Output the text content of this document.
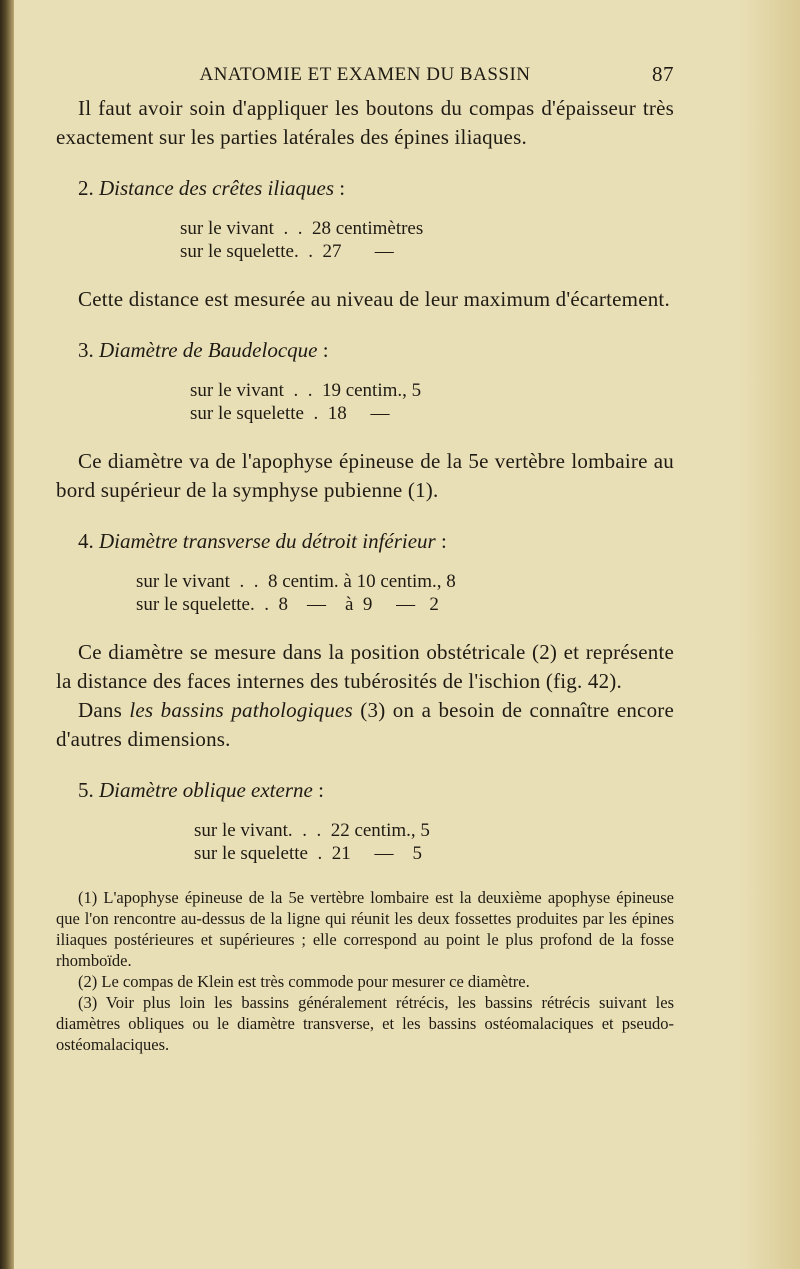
ANATOMIE ET EXAMEN DU BASSIN	87

Il faut avoir soin d'appliquer les boutons du compas d'épaisseur très exactement sur les parties latérales des épines iliaques.

2. Distance des crêtes iliaques :
sur le vivant  .  .  28 centimètres
sur le squelette.  .  27       —

Cette distance est mesurée au niveau de leur maximum d'écartement.

3. Diamètre de Baudelocque :
sur le vivant  .  .  19 centim., 5
sur le squelette  .  18     —

Ce diamètre va de l'apophyse épineuse de la 5e vertèbre lombaire au bord supérieur de la symphyse pubienne (1).

4. Diamètre transverse du détroit inférieur :
sur le vivant  .  .  8 centim. à 10 centim., 8
sur le squelette.  .  8    —    à  9     —   2

Ce diamètre se mesure dans la position obstétricale (2) et représente la distance des faces internes des tubérosités de l'ischion (fig. 42).

Dans les bassins pathologiques (3) on a besoin de connaître encore d'autres dimensions.

5. Diamètre oblique externe :
sur le vivant.  .  .  22 centim., 5
sur le squelette  .  21     —    5

(1) L'apophyse épineuse de la 5e vertèbre lombaire est la deuxième apophyse épineuse que l'on rencontre au-dessus de la ligne qui réunit les deux fossettes produites par les épines iliaques postérieures et supérieures ; elle correspond au point le plus profond de la fosse rhomboïde.

(2) Le compas de Klein est très commode pour mesurer ce diamètre.

(3) Voir plus loin les bassins généralement rétrécis, les bassins rétrécis suivant les diamètres obliques ou le diamètre transverse, et les bassins ostéomalaciques et pseudo-ostéomalaciques.
